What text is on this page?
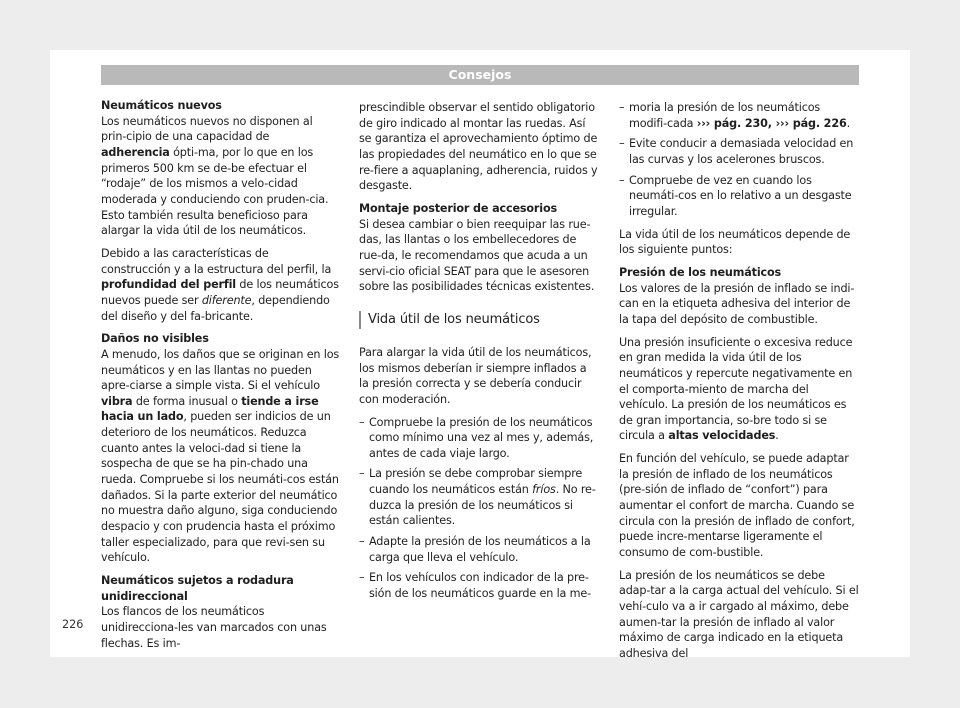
Consejos

Neumáticos nuevos

Los neumáticos nuevos no disponen al prin-cipio de una capacidad de adherencia ópti-ma, por lo que en los primeros 500 km se de-be efectuar el “rodaje” de los mismos a velo-cidad moderada y conduciendo con pruden-cia. Esto también resulta beneficioso para alargar la vida útil de los neumáticos.

Debido a las características de construcción y a la estructura del perfil, la profundidad del perfil de los neumáticos nuevos puede ser diferente, dependiendo del diseño y del fa-bricante.

Daños no visibles

A menudo, los daños que se originan en los neumáticos y en las llantas no pueden apre-ciarse a simple vista. Si el vehículo vibra de forma inusual o tiende a irse hacia un lado, pueden ser indicios de un deterioro de los neumáticos. Reduzca cuanto antes la veloci-dad si tiene la sospecha de que se ha pin-chado una rueda. Compruebe si los neumáti-cos están dañados. Si la parte exterior del neumático no muestra daño alguno, siga conduciendo despacio y con prudencia hasta el próximo taller especializado, para que revi-sen su vehículo.

Neumáticos sujetos a rodadura unidireccional

Los flancos de los neumáticos unidirecciona-les van marcados con unas flechas. Es im-

prescindible observar el sentido obligatorio de giro indicado al montar las ruedas. Así se garantiza el aprovechamiento óptimo de las propiedades del neumático en lo que se re-fiere a aquaplaning, adherencia, ruidos y desgaste.

Montaje posterior de accesorios

Si desea cambiar o bien reequipar las rue-das, las llantas o los embellecedores de rue-da, le recomendamos que acuda a un servi-cio oficial SEAT para que le asesoren sobre las posibilidades técnicas existentes.

Vida útil de los neumáticos

Para alargar la vida útil de los neumáticos, los mismos deberían ir siempre inflados a la presión correcta y se debería conducir con moderación.

– Compruebe la presión de los neumáticos como mínimo una vez al mes y, además, antes de cada viaje largo.
– La presión se debe comprobar siempre cuando los neumáticos están fríos. No re-duzca la presión de los neumáticos si están calientes.
– Adapte la presión de los neumáticos a la carga que lleva el vehículo.
– En los vehículos con indicador de la pre-sión de los neumáticos guarde en la me-
– moria la presión de los neumáticos modifi-cada ››› pág. 230, ››› pág. 226.
– Evite conducir a demasiada velocidad en las curvas y los acelerones bruscos.
– Compruebe de vez en cuando los neumáti-cos en lo relativo a un desgaste irregular.

La vida útil de los neumáticos depende de los siguiente puntos:

Presión de los neumáticos

Los valores de la presión de inflado se indi-can en la etiqueta adhesiva del interior de la tapa del depósito de combustible.

Una presión insuficiente o excesiva reduce en gran medida la vida útil de los neumáticos y repercute negativamente en el comporta-miento de marcha del vehículo. La presión de los neumáticos es de gran importancia, so-bre todo si se circula a altas velocidades.

En función del vehículo, se puede adaptar la presión de inflado de los neumáticos (pre-sión de inflado de “confort”) para aumentar el confort de marcha. Cuando se circula con la presión de inflado de confort, puede incre-mentarse ligeramente el consumo de com-bustible.

La presión de los neumáticos se debe adap-tar a la carga actual del vehículo. Si el vehí-culo va a ir cargado al máximo, debe aumen-tar la presión de inflado al valor máximo de carga indicado en la etiqueta adhesiva del

226
